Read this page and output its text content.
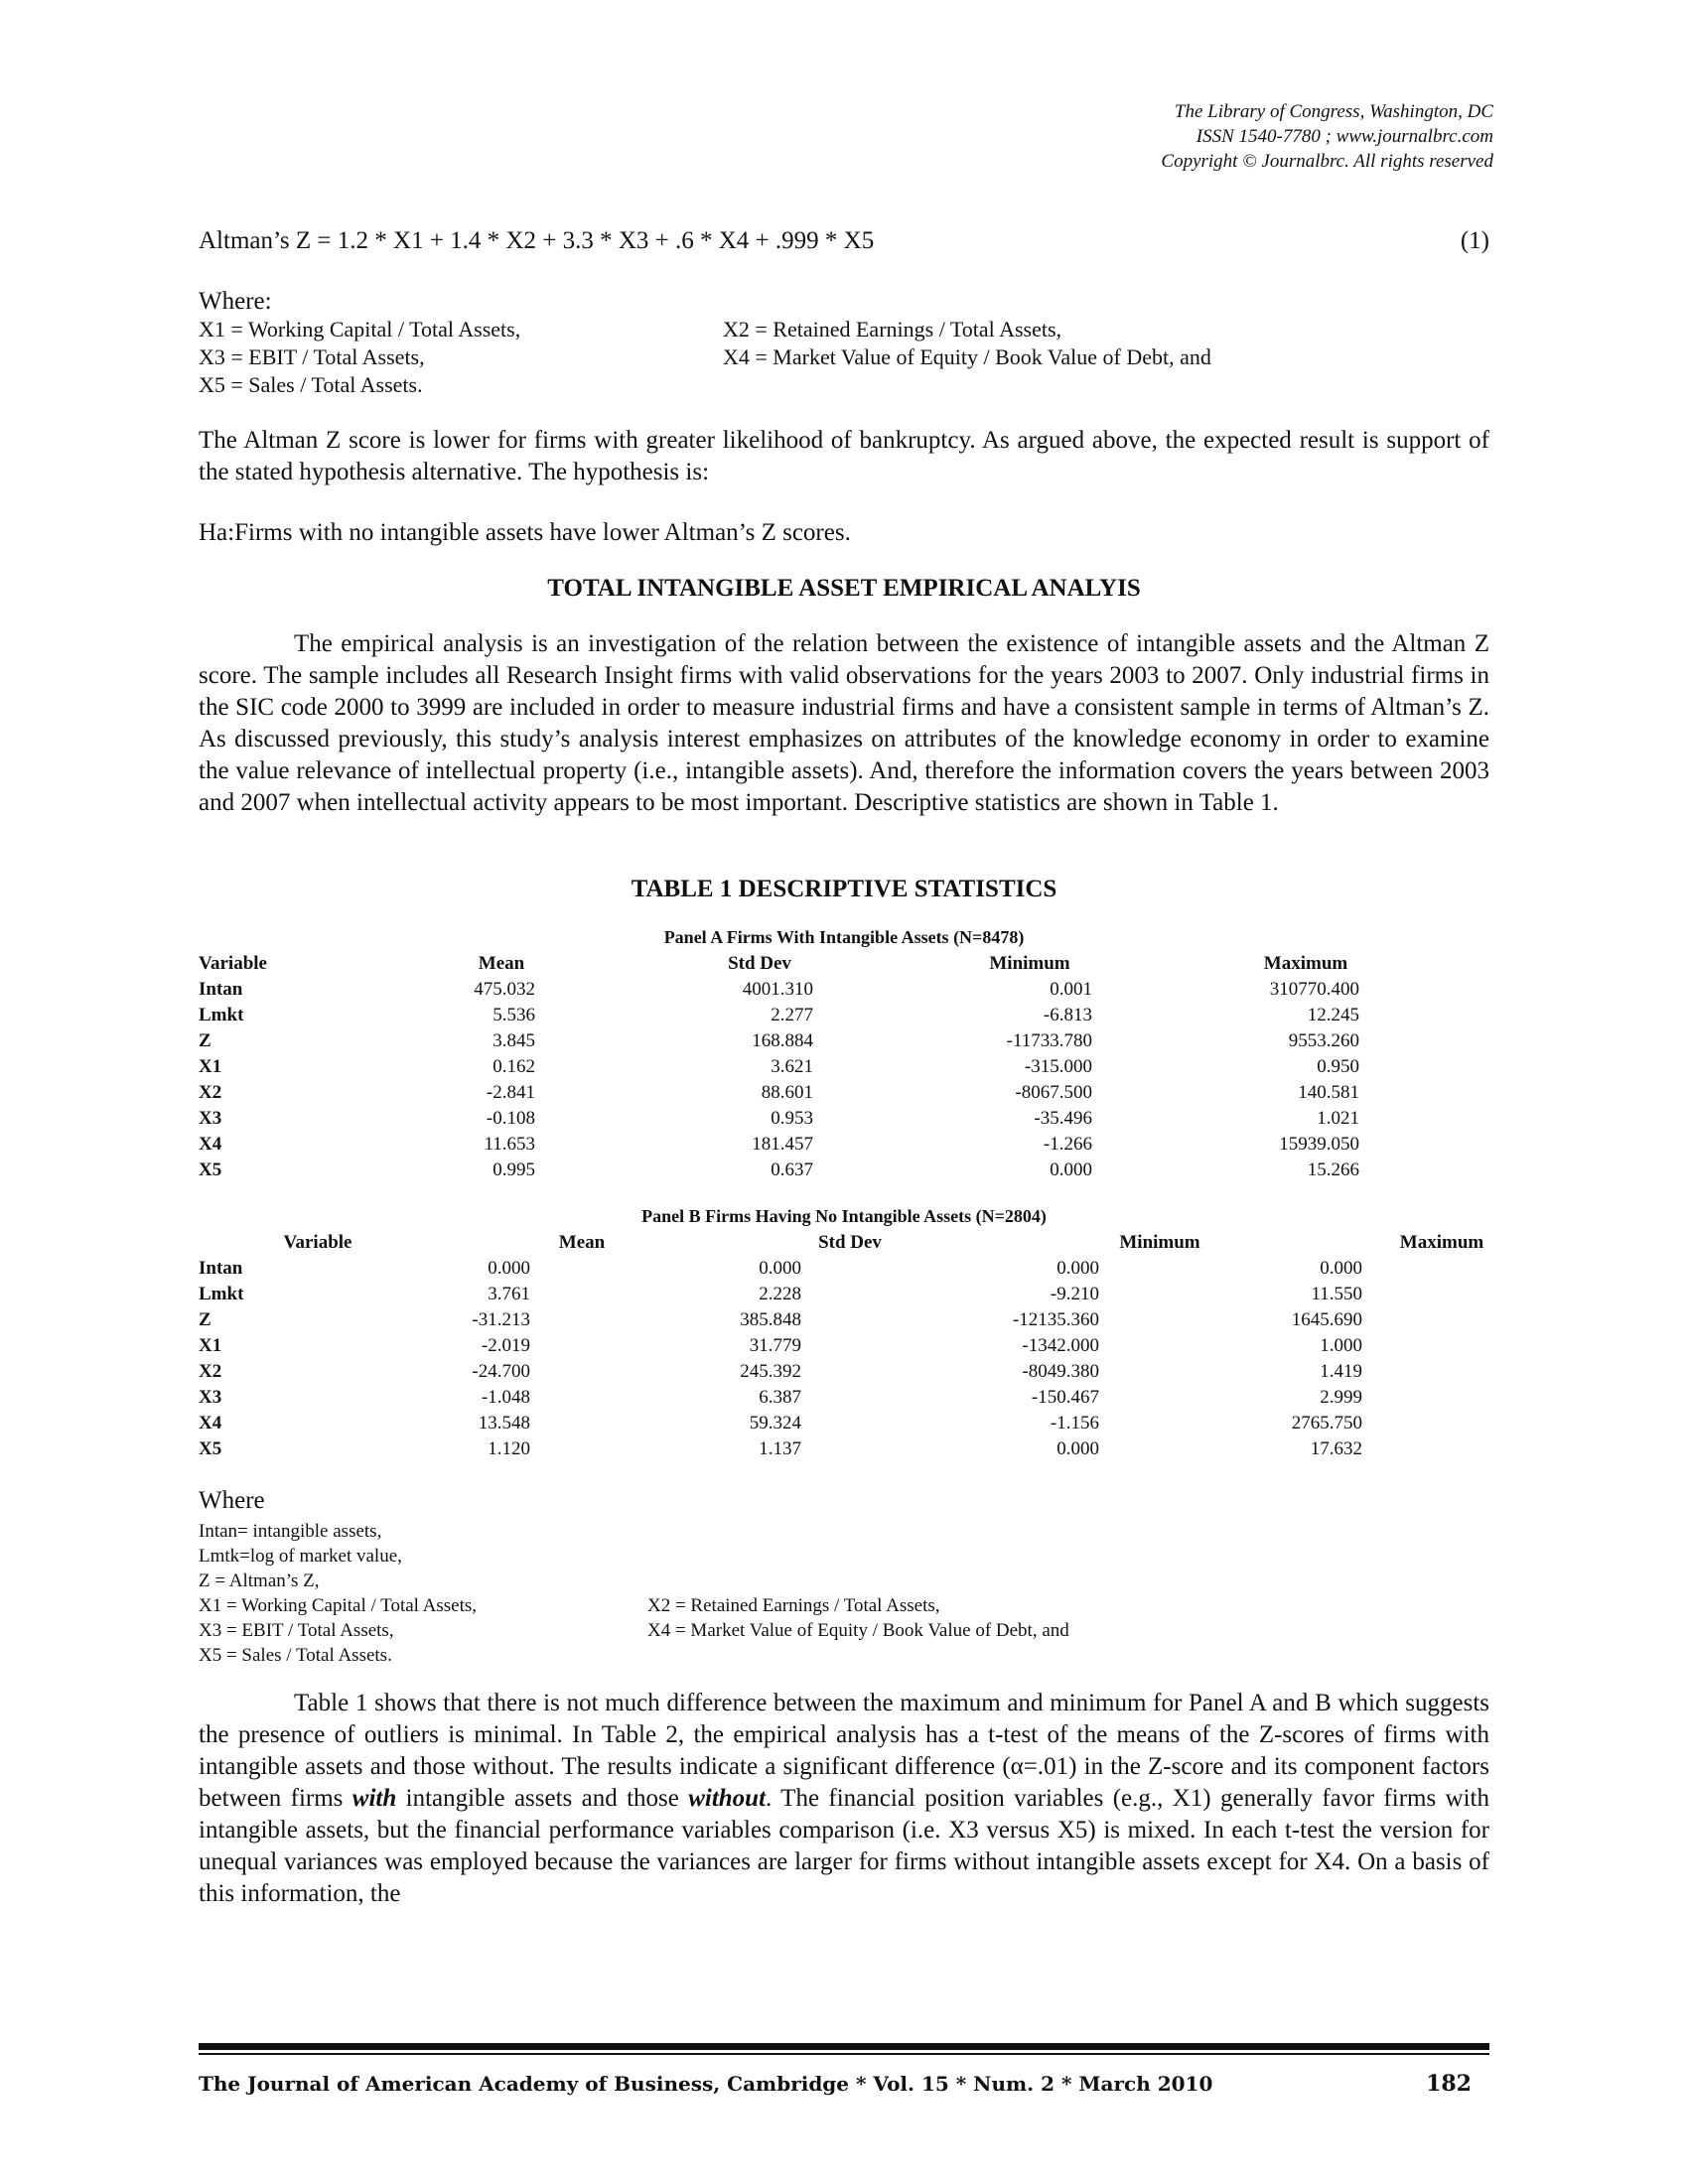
The Library of Congress, Washington, DC
ISSN 1540-7780 ; www.journalbrc.com
Copyright © Journalbrc. All rights reserved
Altman’s Z = 1.2 * X1 + 1.4 * X2 + 3.3 * X3 + .6 * X4 + .999 * X5	(1)
Where:
X1 = Working Capital / Total Assets,	X2 = Retained Earnings / Total Assets,
X3 = EBIT / Total Assets,	X4 = Market Value of Equity / Book Value of Debt, and
X5 = Sales / Total Assets.
The Altman Z score is lower for firms with greater likelihood of bankruptcy. As argued above, the expected result is support of the stated hypothesis alternative. The hypothesis is:
Ha:Firms with no intangible assets have lower Altman’s Z scores.
TOTAL INTANGIBLE ASSET EMPIRICAL ANALYIS
The empirical analysis is an investigation of the relation between the existence of intangible assets and the Altman Z score. The sample includes all Research Insight firms with valid observations for the years 2003 to 2007. Only industrial firms in the SIC code 2000 to 3999 are included in order to measure industrial firms and have a consistent sample in terms of Altman’s Z. As discussed previously, this study’s analysis interest emphasizes on attributes of the knowledge economy in order to examine the value relevance of intellectual property (i.e., intangible assets). And, therefore the information covers the years between 2003 and 2007 when intellectual activity appears to be most important. Descriptive statistics are shown in Table 1.
TABLE 1 DESCRIPTIVE STATISTICS
Panel A Firms With Intangible Assets (N=8478)
Variable	Mean	Std Dev	Minimum	Maximum
Intan	475.032	4001.310	0.001	310770.400
Lmkt	5.536	2.277	-6.813	12.245
Z	3.845	168.884	-11733.780	9553.260
X1	0.162	3.621	-315.000	0.950
X2	-2.841	88.601	-8067.500	140.581
X3	-0.108	0.953	-35.496	1.021
X4	11.653	181.457	-1.266	15939.050
X5	0.995	0.637	0.000	15.266
Panel B Firms Having No Intangible Assets (N=2804)
Variable	Mean	Std Dev	Minimum	Maximum
Intan	0.000	0.000	0.000	0.000
Lmkt	3.761	2.228	-9.210	11.550
Z	-31.213	385.848	-12135.360	1645.690
X1	-2.019	31.779	-1342.000	1.000
X2	-24.700	245.392	-8049.380	1.419
X3	-1.048	6.387	-150.467	2.999
X4	13.548	59.324	-1.156	2765.750
X5	1.120	1.137	0.000	17.632
Where
Intan= intangible assets,
Lmtk=log of market value,
Z = Altman’s Z,
X1 = Working Capital / Total Assets,	X2 = Retained Earnings / Total Assets,
X3 = EBIT / Total Assets,	X4 = Market Value of Equity / Book Value of Debt, and
X5 = Sales / Total Assets.
Table 1 shows that there is not much difference between the maximum and minimum for Panel A and B which suggests the presence of outliers is minimal. In Table 2, the empirical analysis has a t-test of the means of the Z-scores of firms with intangible assets and those without. The results indicate a significant difference (α=.01) in the Z-score and its component factors between firms with intangible assets and those without. The financial position variables (e.g., X1) generally favor firms with intangible assets, but the financial performance variables comparison (i.e. X3 versus X5) is mixed. In each t-test the version for unequal variances was employed because the variances are larger for firms without intangible assets except for X4. On a basis of this information, the
The Journal of American Academy of Business, Cambridge * Vol. 15 * Num. 2 * March 2010	182
